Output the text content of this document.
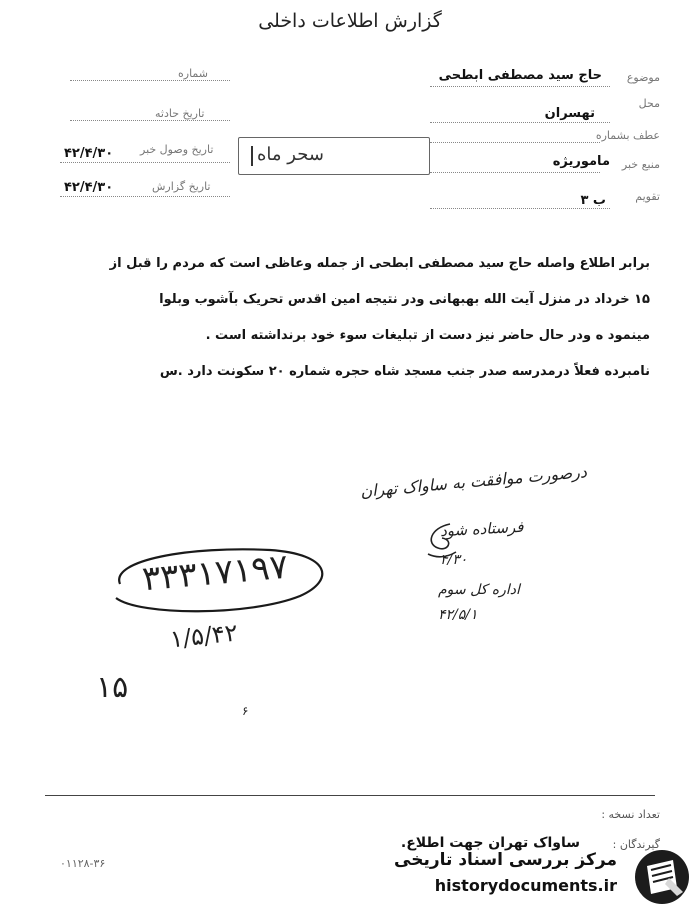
گزارش اطلاعات داخلی
موضوع
حاج سید مصطفی ابطحی
محل
تهسران
عطف بشماره
منبع خبر
ماموریژه
تقویم
ب ۳
شماره
تاریخ حادثه
تاریخ وصول خبر
۴۲/۴/۳۰
تاریخ گزارش
۴۲/۴/۳۰
سحر ماه
برابر اطلاع واصله حاج سید مصطفی ابطحی از جمله وعاظی است که مردم را قبل از
۱۵ خرداد در منزل آیت الله بهبهانی ودر نتیجه امین اقدس تحریک بآشوب وبلوا
مینمود ه ودر حال حاضر نیز دست از تبلیغات سوء خود برنداشته است .
نامبرده فعلاً درمدرسه صدر جنب مسجد شاه حجره شماره ۲۰ سکونت دارد .س
درصورت موافقت به ساواک تهران
فرستاده شود
۴/۳۰
اداره کل سوم
۴۲/۵/۱
۳۳۳۱۷۱۹۷
۱/۵/۴۲
۱۵
۶
تعداد نسخه :
گیرندگان :
ساواک تهران جهت اطلاع.
۰۱۱۲۸-۳۶	مرکز بررسی اسناد تاریخی
historydocuments.ir
